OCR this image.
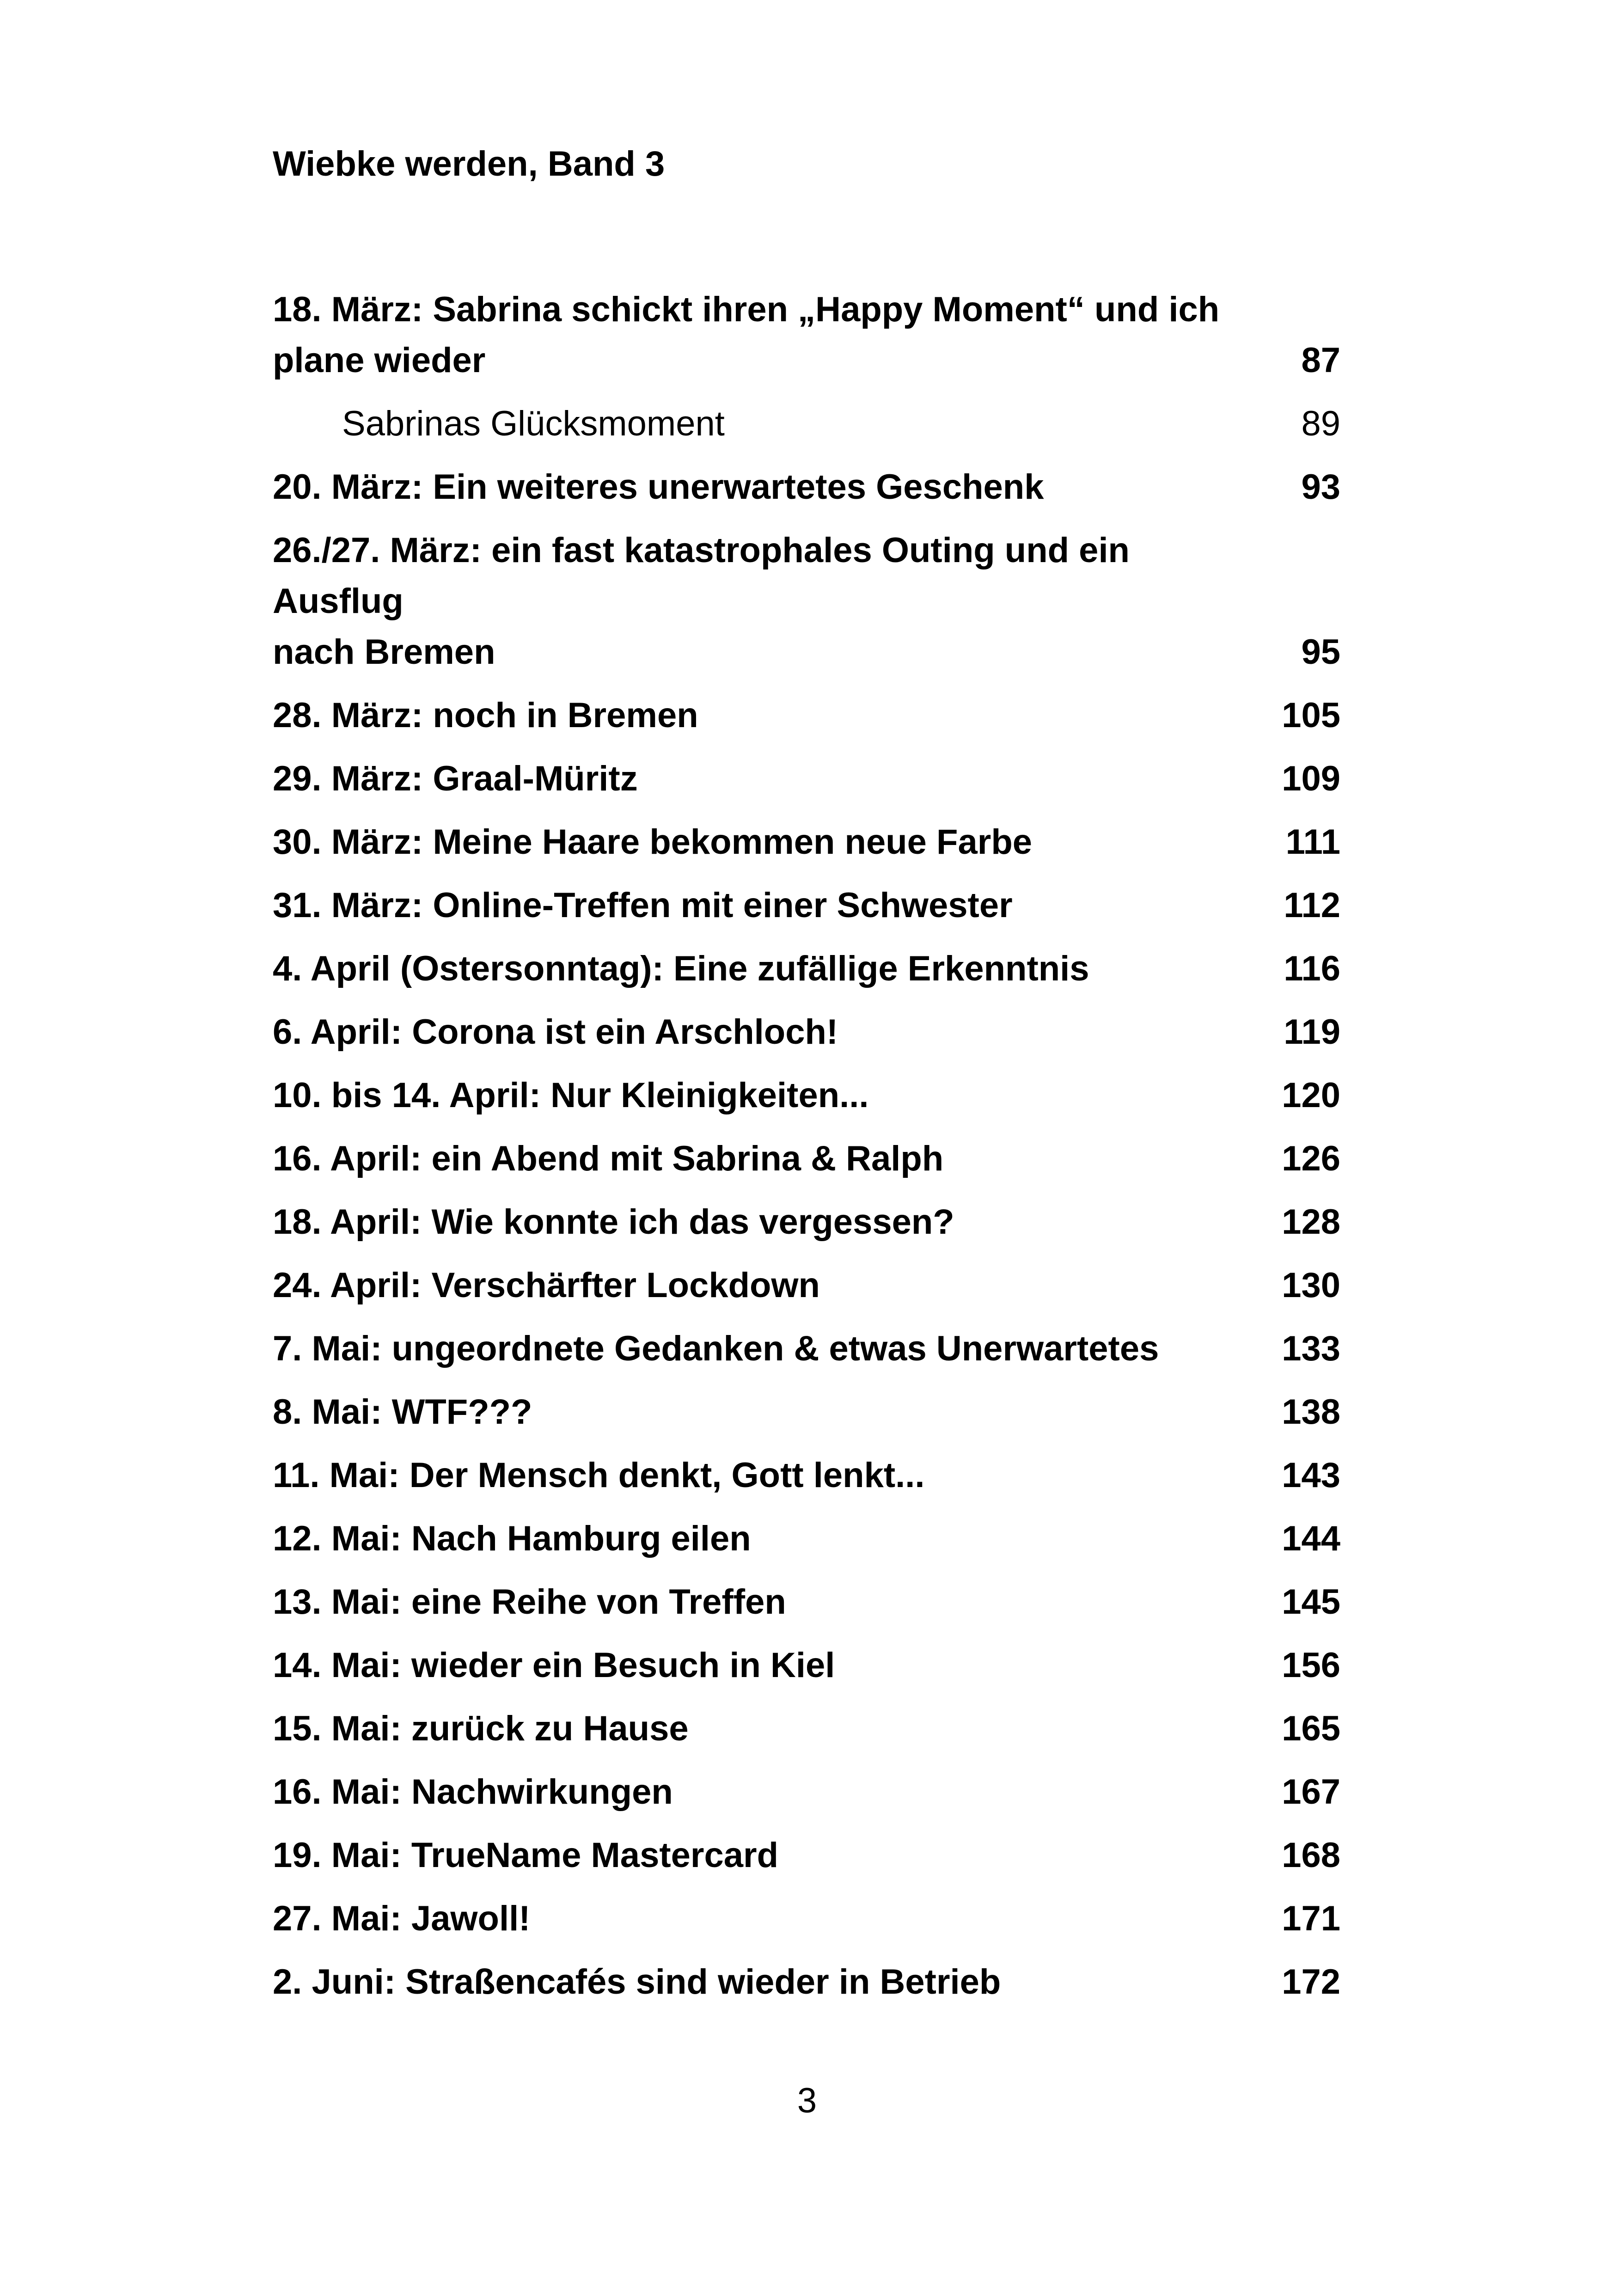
Wiebke werden, Band 3
18. März: Sabrina schickt ihren „Happy Moment“ und ich
plane wieder	87
Sabrinas Glücksmoment	89
20. März: Ein weiteres unerwartetes Geschenk	93
26./27. März: ein fast katastrophales Outing und ein Ausflug
nach Bremen	95
28. März: noch in Bremen	105
29. März: Graal-Müritz	109
30. März: Meine Haare bekommen neue Farbe	111
31. März: Online-Treffen mit einer Schwester	112
4. April (Ostersonntag): Eine zufällige Erkenntnis	116
6. April: Corona ist ein Arschloch!	119
10. bis 14. April: Nur Kleinigkeiten...	120
16. April: ein Abend mit Sabrina & Ralph	126
18. April: Wie konnte ich das vergessen?	128
24. April: Verschärfter Lockdown	130
7. Mai: ungeordnete Gedanken & etwas Unerwartetes	133
8. Mai: WTF???	138
11. Mai: Der Mensch denkt, Gott lenkt...	143
12. Mai: Nach Hamburg eilen	144
13. Mai: eine Reihe von Treffen	145
14. Mai: wieder ein Besuch in Kiel	156
15. Mai: zurück zu Hause	165
16. Mai: Nachwirkungen	167
19. Mai: TrueName Mastercard	168
27. Mai: Jawoll!	171
2. Juni: Straßencafés sind wieder in Betrieb	172
3
